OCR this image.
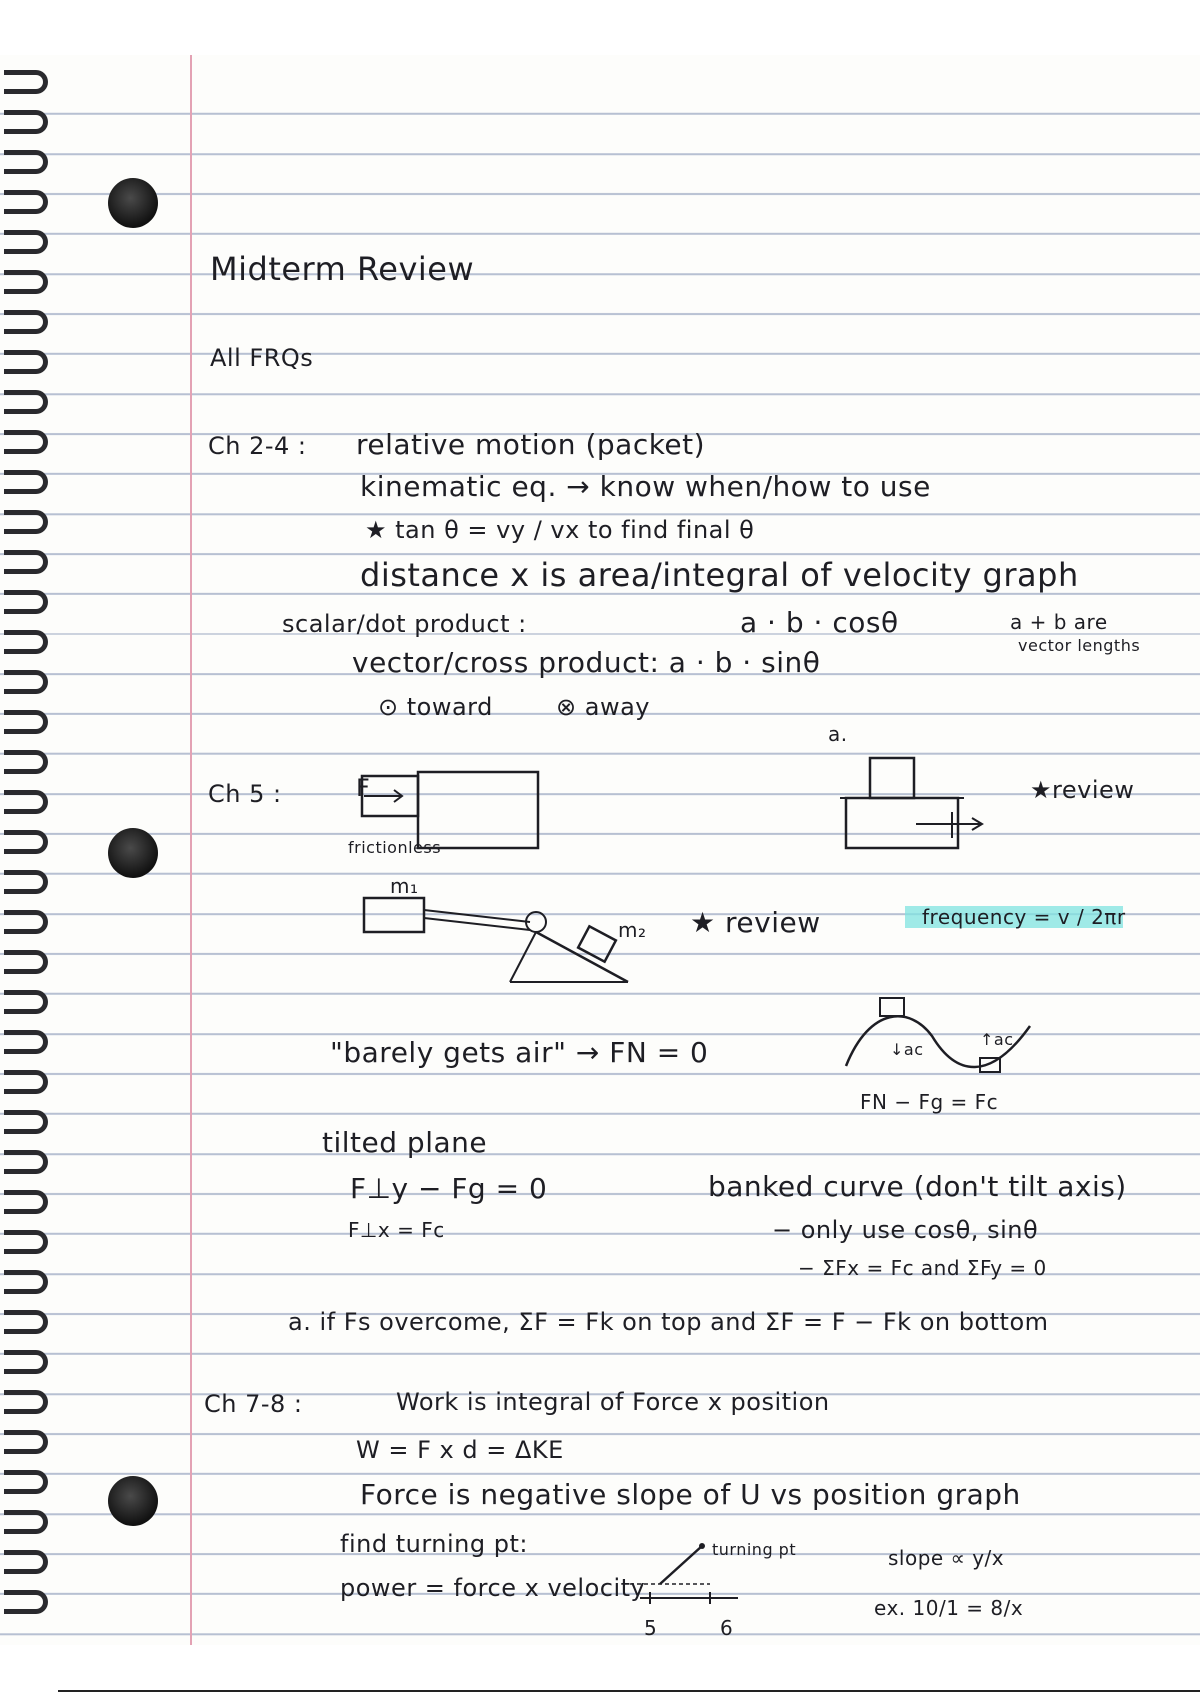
Midterm Review
All FRQs
Ch 2-4 : relative motion (packet)
kinematic eq. → know when/how to use
★ tan θ = vy / vx to find final θ
distance x is area/integral of velocity graph
scalar/dot product :	a · b · cosθ	a + b are
vector lengths
vector/cross product: a · b · sinθ
⊙ toward	⊗ away
Ch 5 :	F
frictionless
a.
★review
m₁
m₂ ★ review	frequency = v / 2πr
"barely gets air" → FN = 0	↓ac
↑ac
FN − Fg = Fc
tilted plane
F⊥y − Fg = 0
F⊥x = Fc
banked curve (don't tilt axis)
− only use cosθ, sinθ
− ΣFx = Fc and ΣFy = 0
a. if Fs overcome, ΣF = Fk on top and ΣF = F − Fk on bottom
Ch 7-8 :	Work is integral of Force x position
W = F x d = ΔKE
Force is negative slope of U vs position graph
find turning pt:
power = force x velocity
turning pt
5	6
slope ∝ y/x
ex. 10/1 = 8/x
